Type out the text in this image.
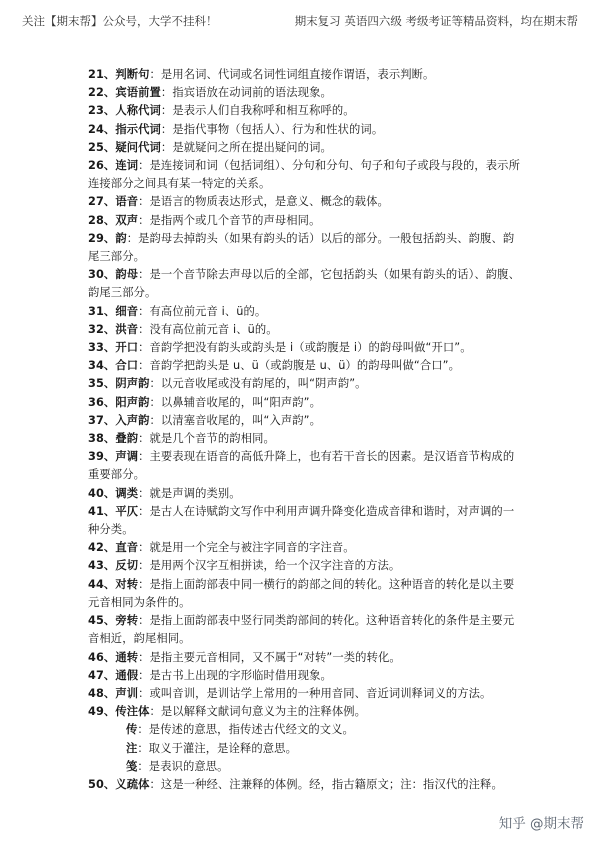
关注【期末帮】公众号，大学不挂科！	期末复习 英语四六级 考级考证等精品资料，均在期末帮
21、判断句：是用名词、代词或名词性词组直接作谓语，表示判断。
22、宾语前置：指宾语放在动词前的语法现象。
23、人称代词：是表示人们自我称呼和相互称呼的。
24、指示代词：是指代事物（包括人）、行为和性状的词。
25、疑问代词：是就疑问之所在提出疑问的词。
26、连词：是连接词和词（包括词组）、分句和分句、句子和句子或段与段的，表示所连接部分之间具有某一特定的关系。
27、语音：是语言的物质表达形式，是意义、概念的载体。
28、双声：是指两个或几个音节的声母相同。
29、韵：是韵母去掉韵头（如果有韵头的话）以后的部分。一般包括韵头、韵腹、韵尾三部分。
30、韵母：是一个音节除去声母以后的全部，它包括韵头（如果有韵头的话）、韵腹、韵尾三部分。
31、细音：有高位前元音 i、ü的。
32、洪音：没有高位前元音 i、ü的。
33、开口：音韵学把没有韵头或韵头是 i（或韵腹是 i）的韵母叫做“开口”。
34、合口：音韵学把韵头是 u、ü（或韵腹是 u、ü）的韵母叫做“合口”。
35、阴声韵：以元音收尾或没有韵尾的，叫“阴声韵”。
36、阳声韵：以鼻辅音收尾的，叫“阳声韵”。
37、入声韵：以清塞音收尾的，叫“入声韵”。
38、叠韵：就是几个音节的韵相同。
39、声调：主要表现在语音的高低升降上，也有若干音长的因素。是汉语音节构成的重要部分。
40、调类：就是声调的类别。
41、平仄：是古人在诗赋韵文写作中利用声调升降变化造成音律和谐时，对声调的一种分类。
42、直音：就是用一个完全与被注字同音的字注音。
43、反切：是用两个汉字互相拼读，给一个汉字注音的方法。
44、对转：是指上面韵部表中同一横行的韵部之间的转化。这种语音的转化是以主要元音相同为条件的。
45、旁转：是指上面韵部表中竖行同类韵部间的转化。这种语音转化的条件是主要元音相近，韵尾相同。
46、通转：是指主要元音相同，又不属于“对转”一类的转化。
47、通假：是古书上出现的字形临时借用现象。
48、声训：或叫音训，是训诂学上常用的一种用音同、音近词训释词义的方法。
49、传注体：是以解释文献词句意义为主的注释体例。
传：是传述的意思，指传述古代经文的文义。
注：取义于灌注，是诠释的意思。
笺：是表识的意思。
50、义疏体：这是一种经、注兼释的体例。经，指古籍原文；注：指汉代的注释。
知乎 @期末帮
